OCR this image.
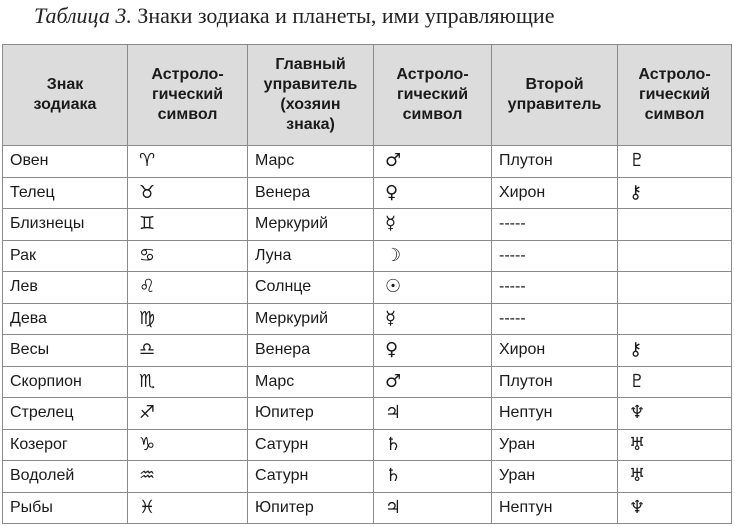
Таблица 3. Знаки зодиака и планеты, ими управляющие
Знак
зодиака	Астроло-
гический
символ	Главный
управитель
(хозяин
знака)	Астроло-
гический
символ	Второй
управитель	Астроло-
гический
символ

Овен	♈︎	Марс	♂	Плутон	♇
Телец	♉︎	Венера	♀	Хирон	⚷
Близнецы	♊︎	Меркурий	☿	-----	
Рак	♋︎	Луна	☽	-----	
Лев	♌︎	Солнце	☉	-----	
Дева	♍︎	Меркурий	☿	-----	
Весы	♎︎	Венера	♀	Хирон	⚷
Скорпион	♏︎	Марс	♂	Плутон	♇
Стрелец	♐︎	Юпитер	♃	Нептун	♆
Козерог	♑︎	Сатурн	♄	Уран	♅
Водолей	♒︎	Сатурн	♄	Уран	♅
Рыбы	♓︎	Юпитер	♃	Нептун	♆
